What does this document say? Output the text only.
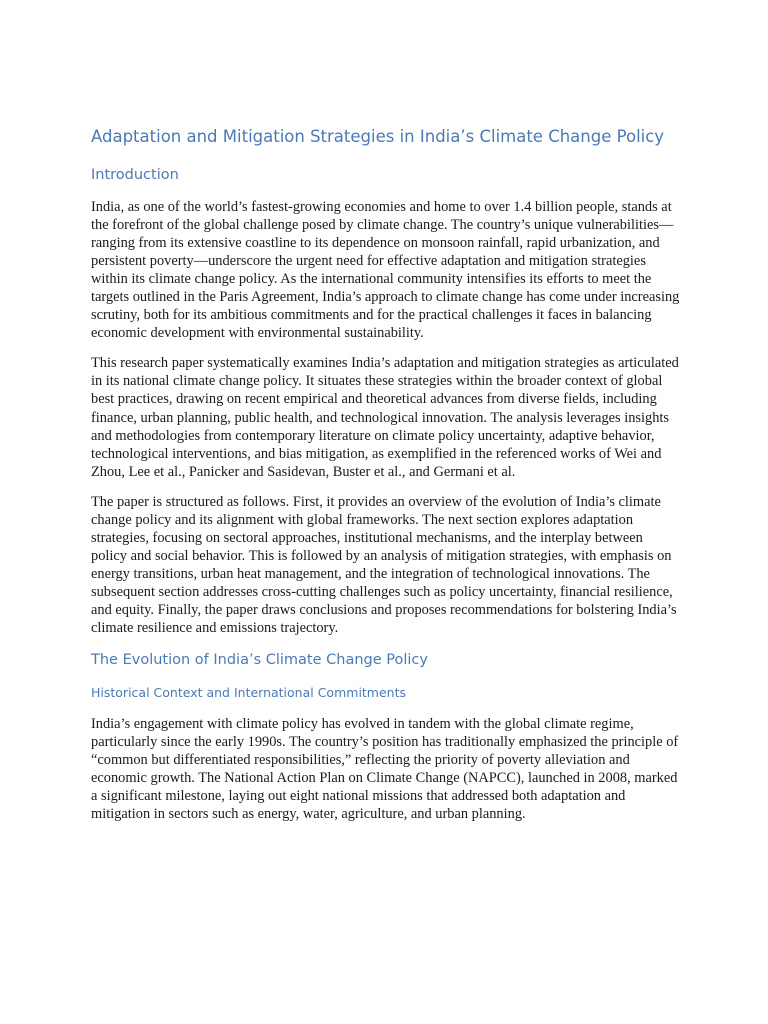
Adaptation and Mitigation Strategies in India’s Climate Change Policy
Introduction

India, as one of the world’s fastest-growing economies and home to over 1.4 billion people, stands at the forefront of the global challenge posed by climate change. The country’s unique vulnerabilities—ranging from its extensive coastline to its dependence on monsoon rainfall, rapid urbanization, and persistent poverty—underscore the urgent need for effective adaptation and mitigation strategies within its climate change policy. As the international community intensifies its efforts to meet the targets outlined in the Paris Agreement, India’s approach to climate change has come under increasing scrutiny, both for its ambitious commitments and for the practical challenges it faces in balancing economic development with environmental sustainability.

This research paper systematically examines India’s adaptation and mitigation strategies as articulated in its national climate change policy. It situates these strategies within the broader context of global best practices, drawing on recent empirical and theoretical advances from diverse fields, including finance, urban planning, public health, and technological innovation. The analysis leverages insights and methodologies from contemporary literature on climate policy uncertainty, adaptive behavior, technological interventions, and bias mitigation, as exemplified in the referenced works of Wei and Zhou, Lee et al., Panicker and Sasidevan, Buster et al., and Germani et al.

The paper is structured as follows. First, it provides an overview of the evolution of India’s climate change policy and its alignment with global frameworks. The next section explores adaptation strategies, focusing on sectoral approaches, institutional mechanisms, and the interplay between policy and social behavior. This is followed by an analysis of mitigation strategies, with emphasis on energy transitions, urban heat management, and the integration of technological innovations. The subsequent section addresses cross-cutting challenges such as policy uncertainty, financial resilience, and equity. Finally, the paper draws conclusions and proposes recommendations for bolstering India’s climate resilience and emissions trajectory.

The Evolution of India’s Climate Change Policy
Historical Context and International Commitments

India’s engagement with climate policy has evolved in tandem with the global climate regime, particularly since the early 1990s. The country’s position has traditionally emphasized the principle of “common but differentiated responsibilities,” reflecting the priority of poverty alleviation and economic growth. The National Action Plan on Climate Change (NAPCC), launched in 2008, marked a significant milestone, laying out eight national missions that addressed both adaptation and mitigation in sectors such as energy, water, agriculture, and urban planning.
